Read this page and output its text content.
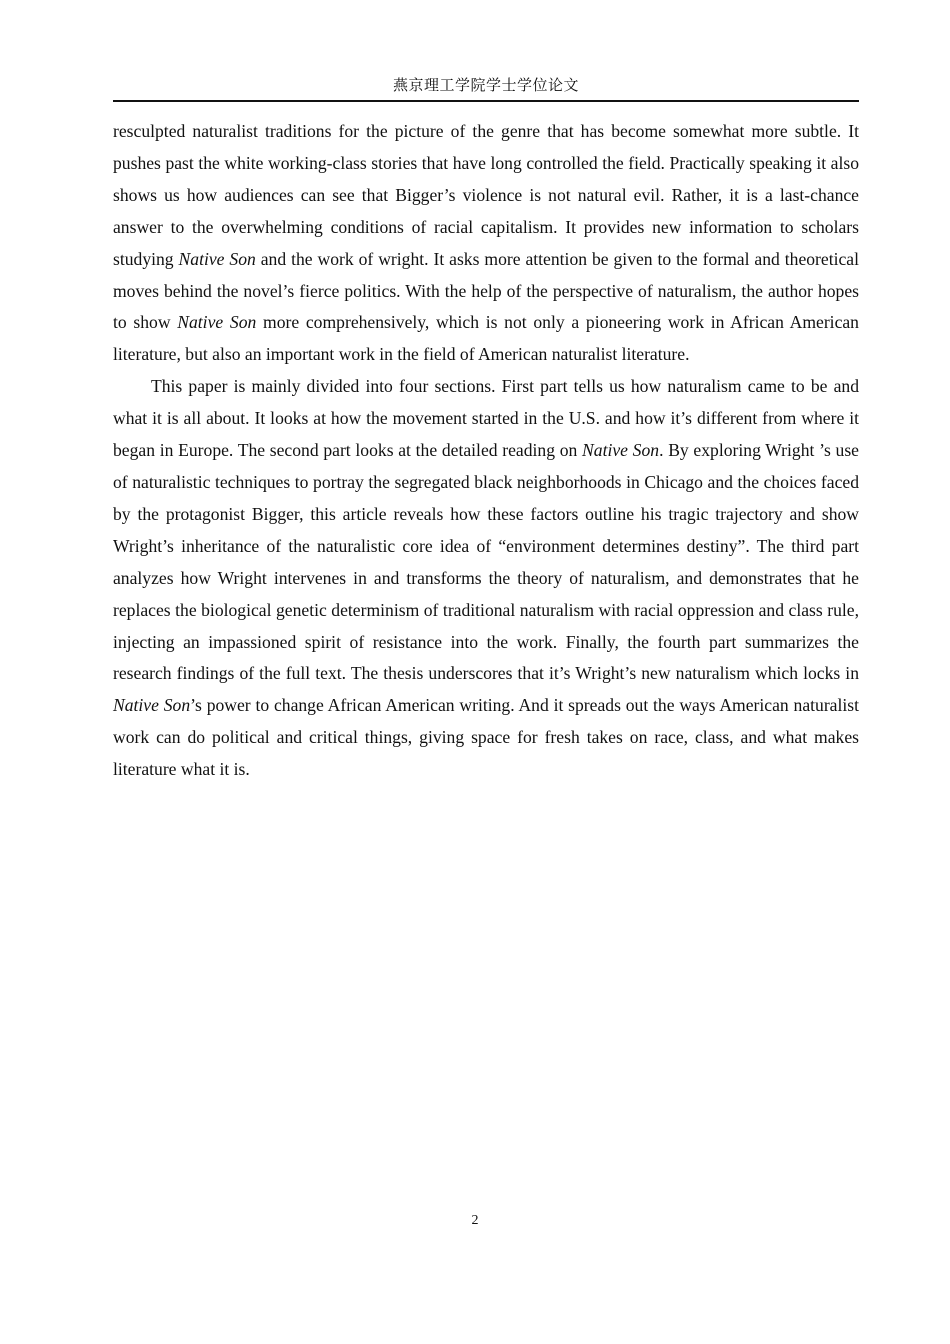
燕京理工学院学士学位论文

resculpted naturalist traditions for the picture of the genre that has become somewhat more subtle. It pushes past the white working-class stories that have long controlled the field. Practically speaking it also shows us how audiences can see that Bigger’s violence is not natural evil. Rather, it is a last-chance answer to the overwhelming conditions of racial capitalism. It provides new information to scholars studying Native Son and the work of wright. It asks more attention be given to the formal and theoretical moves behind the novel’s fierce politics. With the help of the perspective of naturalism, the author hopes to show Native Son more comprehensively, which is not only a pioneering work in African American literature, but also an important work in the field of American naturalist literature.

This paper is mainly divided into four sections. First part tells us how naturalism came to be and what it is all about. It looks at how the movement started in the U.S. and how it’s different from where it began in Europe. The second part looks at the detailed reading on Native Son. By exploring Wright ’s use of naturalistic techniques to portray the segregated black neighborhoods in Chicago and the choices faced by the protagonist Bigger, this article reveals how these factors outline his tragic trajectory and show Wright’s inheritance of the naturalistic core idea of “environment determines destiny”. The third part analyzes how Wright intervenes in and transforms the theory of naturalism, and demonstrates that he replaces the biological genetic determinism of traditional naturalism with racial oppression and class rule, injecting an impassioned spirit of resistance into the work. Finally, the fourth part summarizes the research findings of the full text. The thesis underscores that it’s Wright’s new naturalism which locks in Native Son’s power to change African American writing. And it spreads out the ways American naturalist work can do political and critical things, giving space for fresh takes on race, class, and what makes literature what it is.

2
